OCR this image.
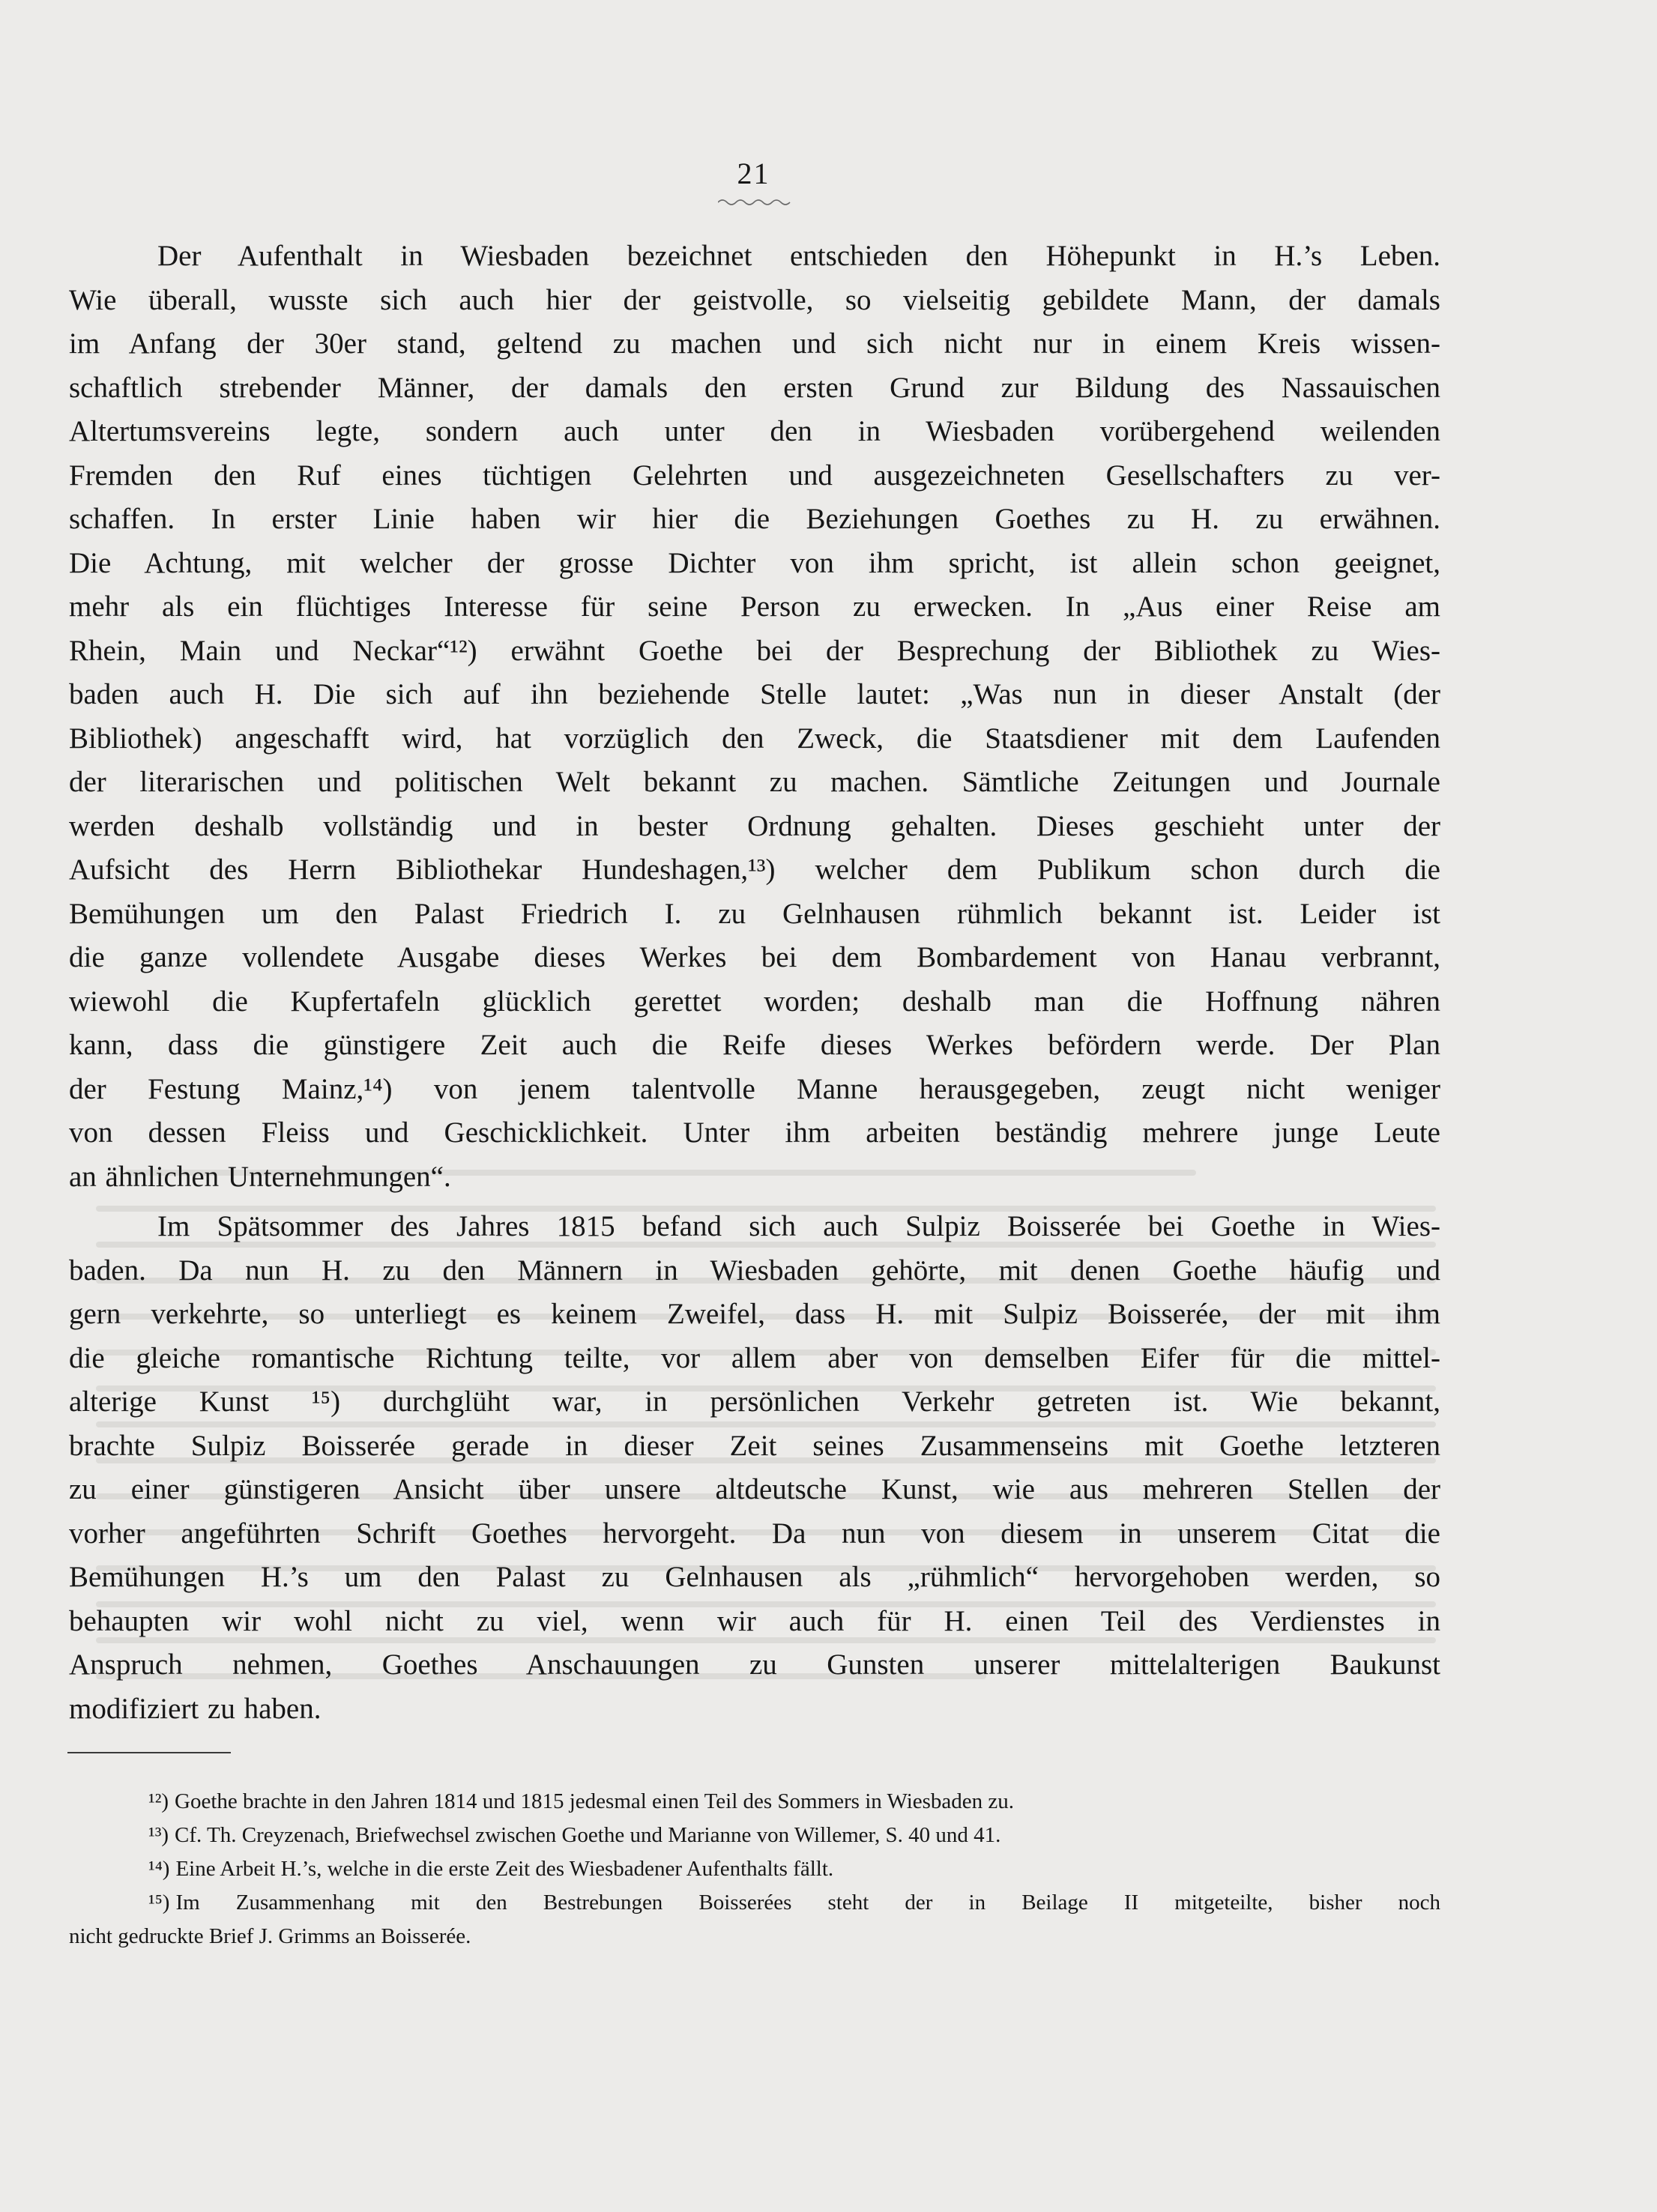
21
Der Aufenthalt in Wiesbaden bezeichnet entschieden den Höhepunkt in H.’s Leben.
Wie überall, wusste sich auch hier der geistvolle, so vielseitig gebildete Mann, der damals
im Anfang der 30er stand, geltend zu machen und sich nicht nur in einem Kreis wissen-
schaftlich strebender Männer, der damals den ersten Grund zur Bildung des Nassauischen
Altertumsvereins legte, sondern auch unter den in Wiesbaden vorübergehend weilenden
Fremden den Ruf eines tüchtigen Gelehrten und ausgezeichneten Gesellschafters zu ver-
schaffen. In erster Linie haben wir hier die Beziehungen Goethes zu H. zu erwähnen.
Die Achtung, mit welcher der grosse Dichter von ihm spricht, ist allein schon geeignet,
mehr als ein flüchtiges Interesse für seine Person zu erwecken. In „Aus einer Reise am
Rhein, Main und Neckar“¹²) erwähnt Goethe bei der Besprechung der Bibliothek zu Wies-
baden auch H. Die sich auf ihn beziehende Stelle lautet: „Was nun in dieser Anstalt (der
Bibliothek) angeschafft wird, hat vorzüglich den Zweck, die Staatsdiener mit dem Laufenden
der literarischen und politischen Welt bekannt zu machen. Sämtliche Zeitungen und Journale
werden deshalb vollständig und in bester Ordnung gehalten. Dieses geschieht unter der
Aufsicht des Herrn Bibliothekar Hundeshagen,¹³) welcher dem Publikum schon durch die
Bemühungen um den Palast Friedrich I. zu Gelnhausen rühmlich bekannt ist. Leider ist
die ganze vollendete Ausgabe dieses Werkes bei dem Bombardement von Hanau verbrannt,
wiewohl die Kupfertafeln glücklich gerettet worden; deshalb man die Hoffnung nähren
kann, dass die günstigere Zeit auch die Reife dieses Werkes befördern werde. Der Plan
der Festung Mainz,¹⁴) von jenem talentvolle Manne herausgegeben, zeugt nicht weniger
von dessen Fleiss und Geschicklichkeit. Unter ihm arbeiten beständig mehrere junge Leute
an ähnlichen Unternehmungen“.
Im Spätsommer des Jahres 1815 befand sich auch Sulpiz Boisserée bei Goethe in Wies-
baden. Da nun H. zu den Männern in Wiesbaden gehörte, mit denen Goethe häufig und
gern verkehrte, so unterliegt es keinem Zweifel, dass H. mit Sulpiz Boisserée, der mit ihm
die gleiche romantische Richtung teilte, vor allem aber von demselben Eifer für die mittel-
alterige Kunst ¹⁵) durchglüht war, in persönlichen Verkehr getreten ist. Wie bekannt,
brachte Sulpiz Boisserée gerade in dieser Zeit seines Zusammenseins mit Goethe letzteren
zu einer günstigeren Ansicht über unsere altdeutsche Kunst, wie aus mehreren Stellen der
vorher angeführten Schrift Goethes hervorgeht. Da nun von diesem in unserem Citat die
Bemühungen H.’s um den Palast zu Gelnhausen als „rühmlich“ hervorgehoben werden, so
behaupten wir wohl nicht zu viel, wenn wir auch für H. einen Teil des Verdienstes in
Anspruch nehmen, Goethes Anschauungen zu Gunsten unserer mittelalterigen Baukunst
modifiziert zu haben.
¹²) Goethe brachte in den Jahren 1814 und 1815 jedesmal einen Teil des Sommers in Wiesbaden zu.
¹³) Cf. Th. Creyzenach, Briefwechsel zwischen Goethe und Marianne von Willemer, S. 40 und 41.
¹⁴) Eine Arbeit H.’s, welche in die erste Zeit des Wiesbadener Aufenthalts fällt.
¹⁵) Im Zusammenhang mit den Bestrebungen Boisserées steht der in Beilage II mitgeteilte, bisher noch
nicht gedruckte Brief J. Grimms an Boisserée.
